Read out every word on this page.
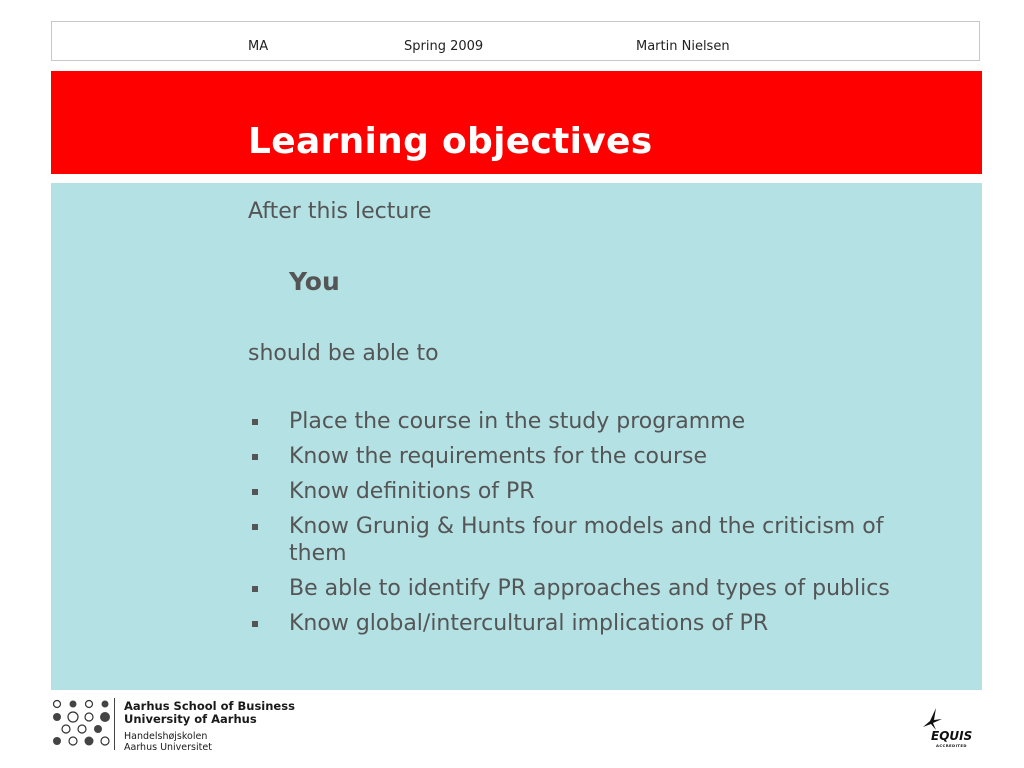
MA	Spring 2009	Martin Nielsen
Learning objectives

After this lecture

You

should be able to

Place the course in the study programme
Know the requirements for the course
Know definitions of PR
Know Grunig & Hunts four models and the criticism of them
Be able to identify PR approaches and types of publics
Know global/intercultural implications of PR

Aarhus School of Business

University of Aarhus

Handelshøjskolen

Aarhus Universitet

EQUIS
ACCREDITED
